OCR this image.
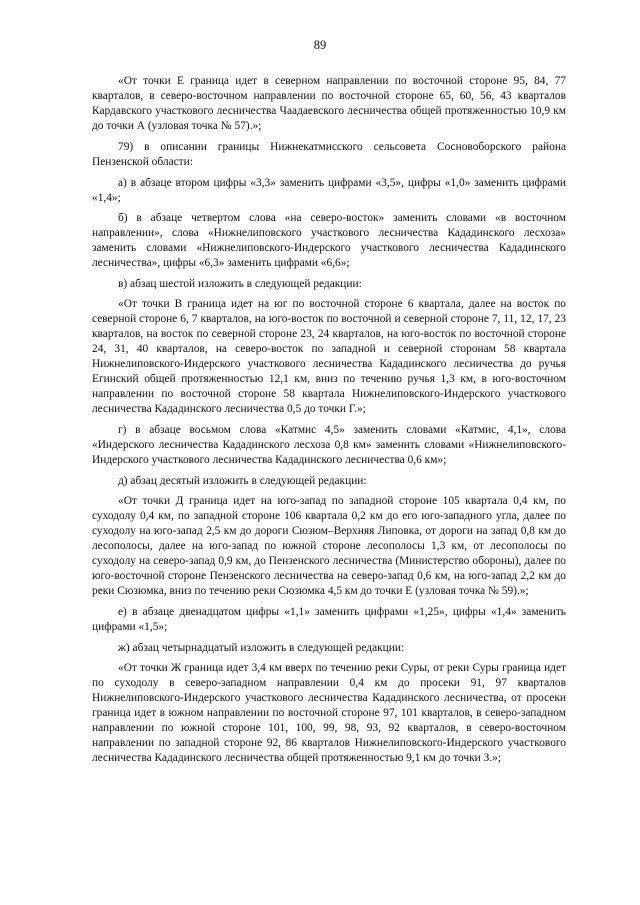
89

«От точки Е граница идет в северном направлении по восточной стороне 95, 84, 77 кварталов, в северо-восточном направлении по восточной стороне 65, 60, 56, 43 кварталов Кардавского участкового лесничества Чаадаевского лесничества общей протяженностью 10,9 км до точки А (узловая точка № 57).»;

79) в описании границы Нижнекатмисского сельсовета Сосновоборского района Пензенской области:

а) в абзаце втором цифры «3,3» заменить цифрами «3,5», цифры «1,0» заменить цифрами «1,4»;

б) в абзаце четвертом слова «на северо-восток» заменить словами «в восточном направлении», слова «Нижнелиповского участкового лесничества Кададинского лесхоза» заменить словами «Нижнелиповского-Индерского участкового лесничества Кададинского лесничества», цифры «6,3» заменить цифрами «6,6»;

в) абзац шестой изложить в следующей редакции:

«От точки В граница идет на юг по восточной стороне 6 квартала, далее на восток по северной стороне 6, 7 кварталов, на юго-восток по восточной и северной стороне 7, 11, 12, 17, 23 кварталов, на восток по северной стороне 23, 24 кварталов, на юго-восток по восточной стороне 24, 31, 40 кварталов, на северо-восток по западной и северной сторонам 58 квартала Нижнелиповского-Индерского участкового лесничества Кададинского лесничества до ручья Егинский общей протяженностью 12,1 км, вниз по течению ручья 1,3 км, в юго-восточном направлении по восточной стороне 58 квартала Нижнелиповского-Индерского участкового лесничества Кададинского лесничества 0,5 до точки Г.»;

г) в абзаце восьмом слова «Катмис 4,5» заменить словами «Катмис, 4,1», слова «Индерского лесничества Кададинского лесхоза 0,8 км» заменить словами «Нижнелиповского-Индерского участкового лесничества Кададинского лесничества 0,6 км»;

д) абзац десятый изложить в следующей редакции:

«От точки Д граница идет на юго-запад по западной стороне 105 квартала 0,4 км, по суходолу 0,4 км, по западной стороне 106 квартала 0,2 км до его юго-западного угла, далее по суходолу на юго-запад 2,5 км до дороги Сюзюм–Верхняя Липовка, от дороги на запад 0,8 км до лесополосы, далее на юго-запад по южной стороне лесополосы 1,3 км, от лесополосы по суходолу на северо-запад 0,9 км, до Пензенского лесничества (Министерство обороны), далее по юго-восточной стороне Пензенского лесничества на северо-запад 0,6 км, на юго-запад 2,2 км до реки Сюзюмка, вниз по течению реки Сюзюмка 4,5 км до точки Е (узловая точка № 59).»;

е) в абзаце двенадцатом цифры «1,1» заменить цифрами «1,25», цифры «1,4» заменить цифрами «1,5»;

ж) абзац четырнадцатый изложить в следующей редакции:

«От точки Ж граница идет 3,4 км вверх по течению реки Суры, от реки Суры граница идет по суходолу в северо-западном направлении 0,4 км до просеки 91, 97 кварталов Нижнелиповского-Индерского участкового лесничества Кададинского лесничества, от просеки граница идет в южном направлении по восточной стороне 97, 101 кварталов, в северо-западном направлении по южной стороне 101, 100, 99, 98, 93, 92 кварталов, в северо-восточном направлении по западной стороне 92, 86 кварталов Нижнелиповского-Индерского участкового лесничества Кададинского лесничества общей протяженностью 9,1 км до точки З.»;
